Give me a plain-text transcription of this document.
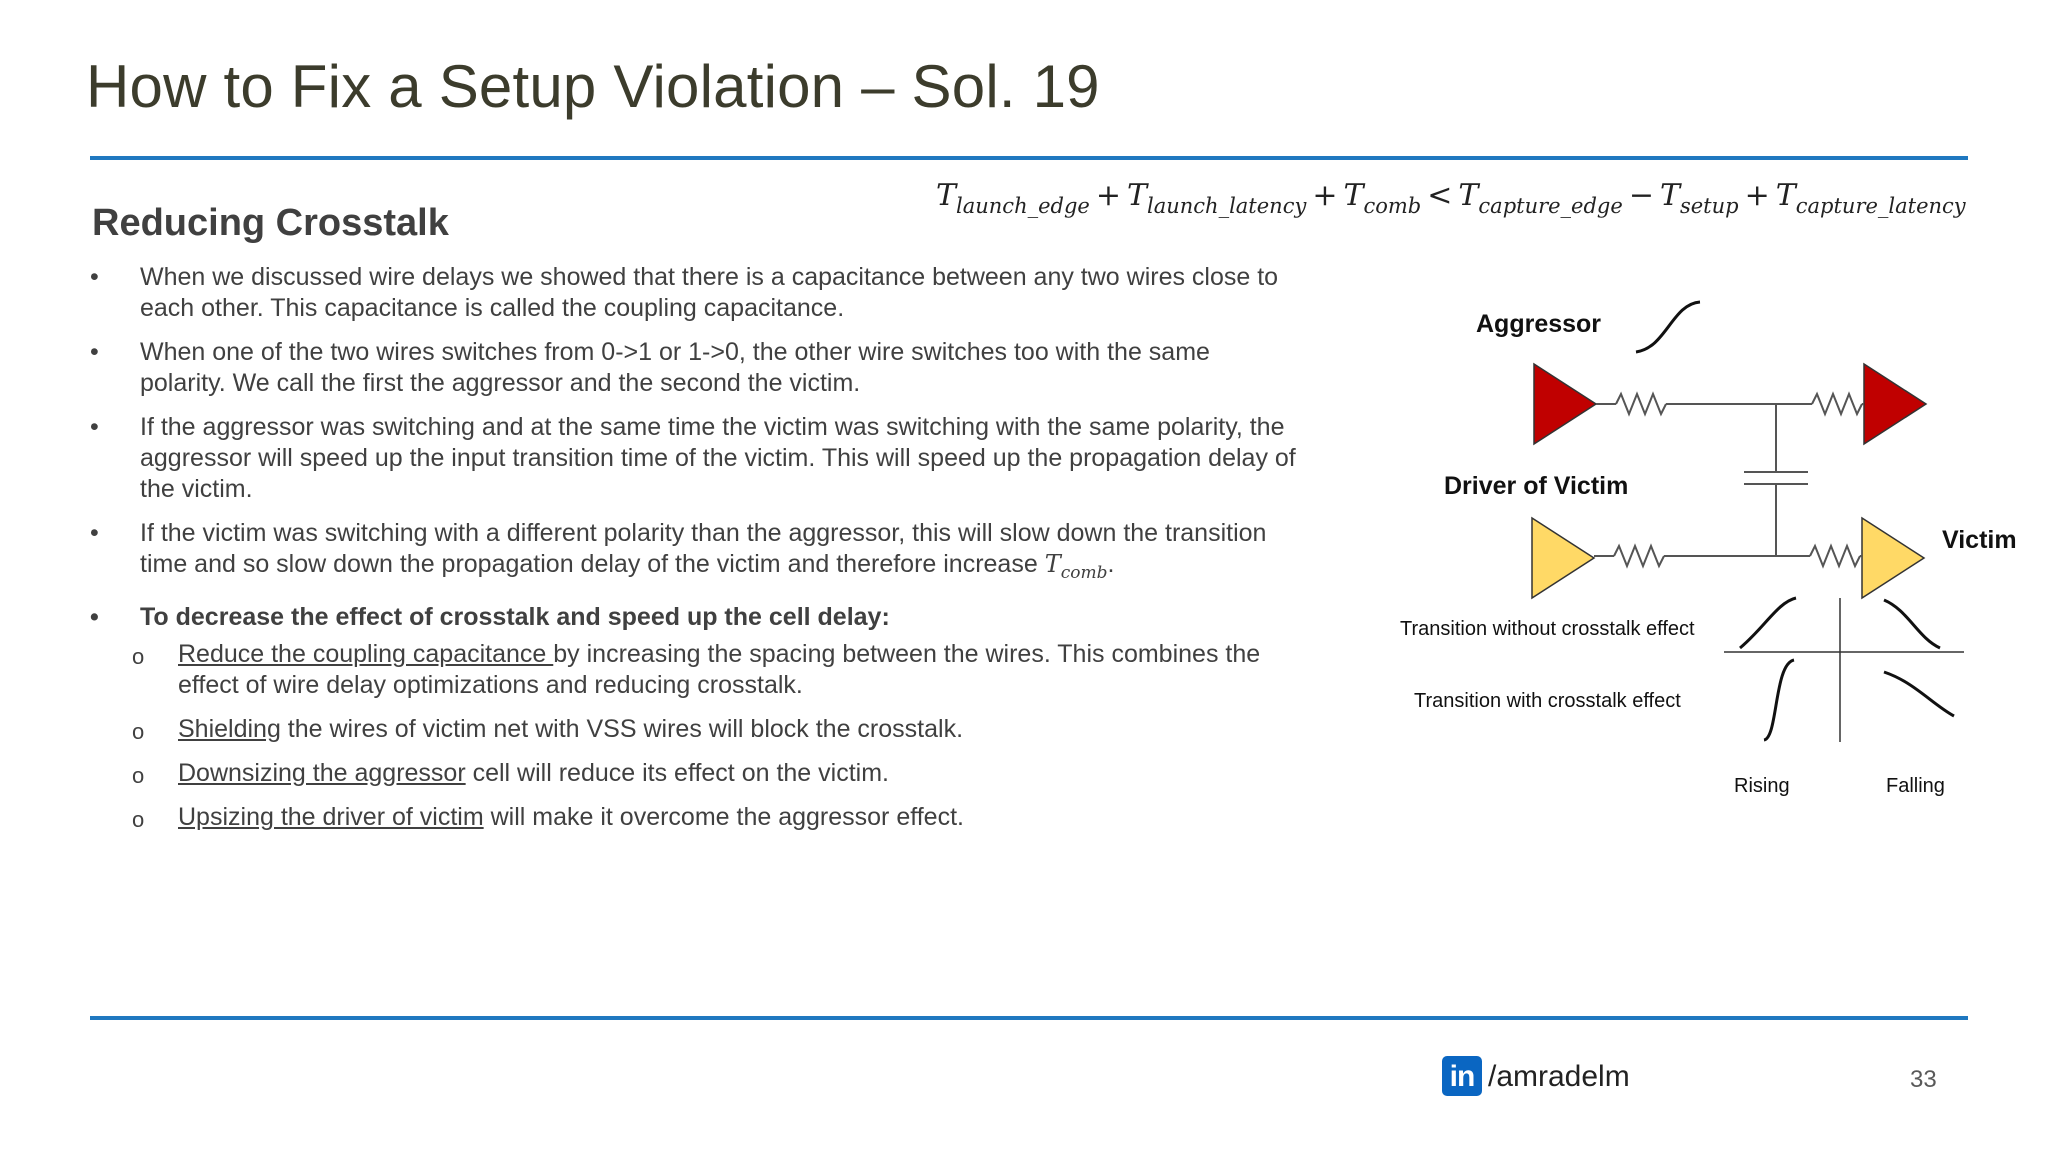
How to Fix a Setup Violation – Sol. 19
$T_{launch\_edge} + T_{launch\_latency} + T_{comb} < T_{capture\_edge} - T_{setup} + T_{capture\_latency}$
Reducing Crosstalk
• When we discussed wire delays we showed that there is a capacitance between any two wires close to each other. This capacitance is called the coupling capacitance.
• When one of the two wires switches from 0->1 or 1->0, the other wire switches too with the same polarity. We call the first the aggressor and the second the victim.
• If the aggressor was switching and at the same time the victim was switching with the same polarity, the aggressor will speed up the input transition time of the victim. This will speed up the propagation delay of the victim.
• If the victim was switching with a different polarity than the aggressor, this will slow down the transition time and so slow down the propagation delay of the victim and therefore increase $T_{comb}$.
• To decrease the effect of crosstalk and speed up the cell delay:
o Reduce the coupling capacitance by increasing the spacing between the wires. This combines the effect of wire delay optimizations and reducing crosstalk.
o Shielding the wires of victim net with VSS wires will block the crosstalk.
o Downsizing the aggressor cell will reduce its effect on the victim.
o Upsizing the driver of victim will make it overcome the aggressor effect.
Aggressor
Driver of Victim
Victim
Transition without crosstalk effect
Transition with crosstalk effect
Rising	Falling
in /amradelm	33
